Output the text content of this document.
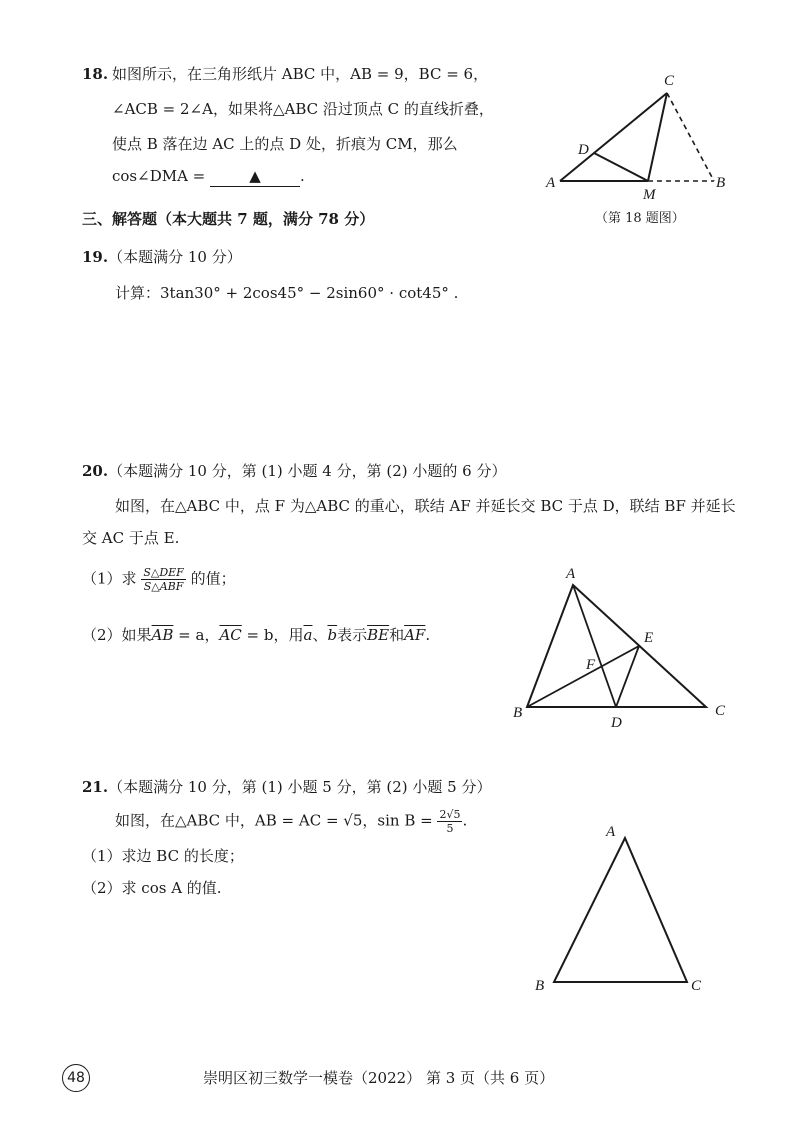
18. 如图所示，在三角形纸片 ABC 中，AB = 9，BC = 6，
∠ACB = 2∠A，如果将△ABC 沿过顶点 C 的直线折叠，
使点 B 落在边 AC 上的点 D 处，折痕为 CM，那么
cos∠DMA =	▲	.
C
A
D
M
B
（第 18 题图）
三、解答题（本大题共 7 题，满分 78 分）
19.（本题满分 10 分）
计算：3tan30° + 2cos45° − 2sin60° · cot45° .
20.（本题满分 10 分，第 (1) 小题 4 分，第 (2) 小题的 6 分）
如图，在△ABC 中，点 F 为△ABC 的重心，联结 AF 并延长交 BC 于点 D，联结 BF 并延长
交 AC 于点 E.
（1）求 $\frac{\text{S△DEF}}{\text{S△ABF}}$ 的值；
（2）如果$\overline{AB} = a$，$\overline{AC} = b$，用$\overline{a}$、$\overline{b}$表示$\overline{BE}$和$\overline{AF}$.
A
B	C
D
E
F
21.（本题满分 10 分，第 (1) 小题 5 分，第 (2) 小题 5 分）
如图，在△ABC 中，AB = AC = √5，$\sin B = \frac{2√5}{5}$ .
（1）求边 BC 的长度；
（2）求 cos A 的值.
A
B	C
48	崇明区初三数学一模卷（2022） 第 3 页（共 6 页）
